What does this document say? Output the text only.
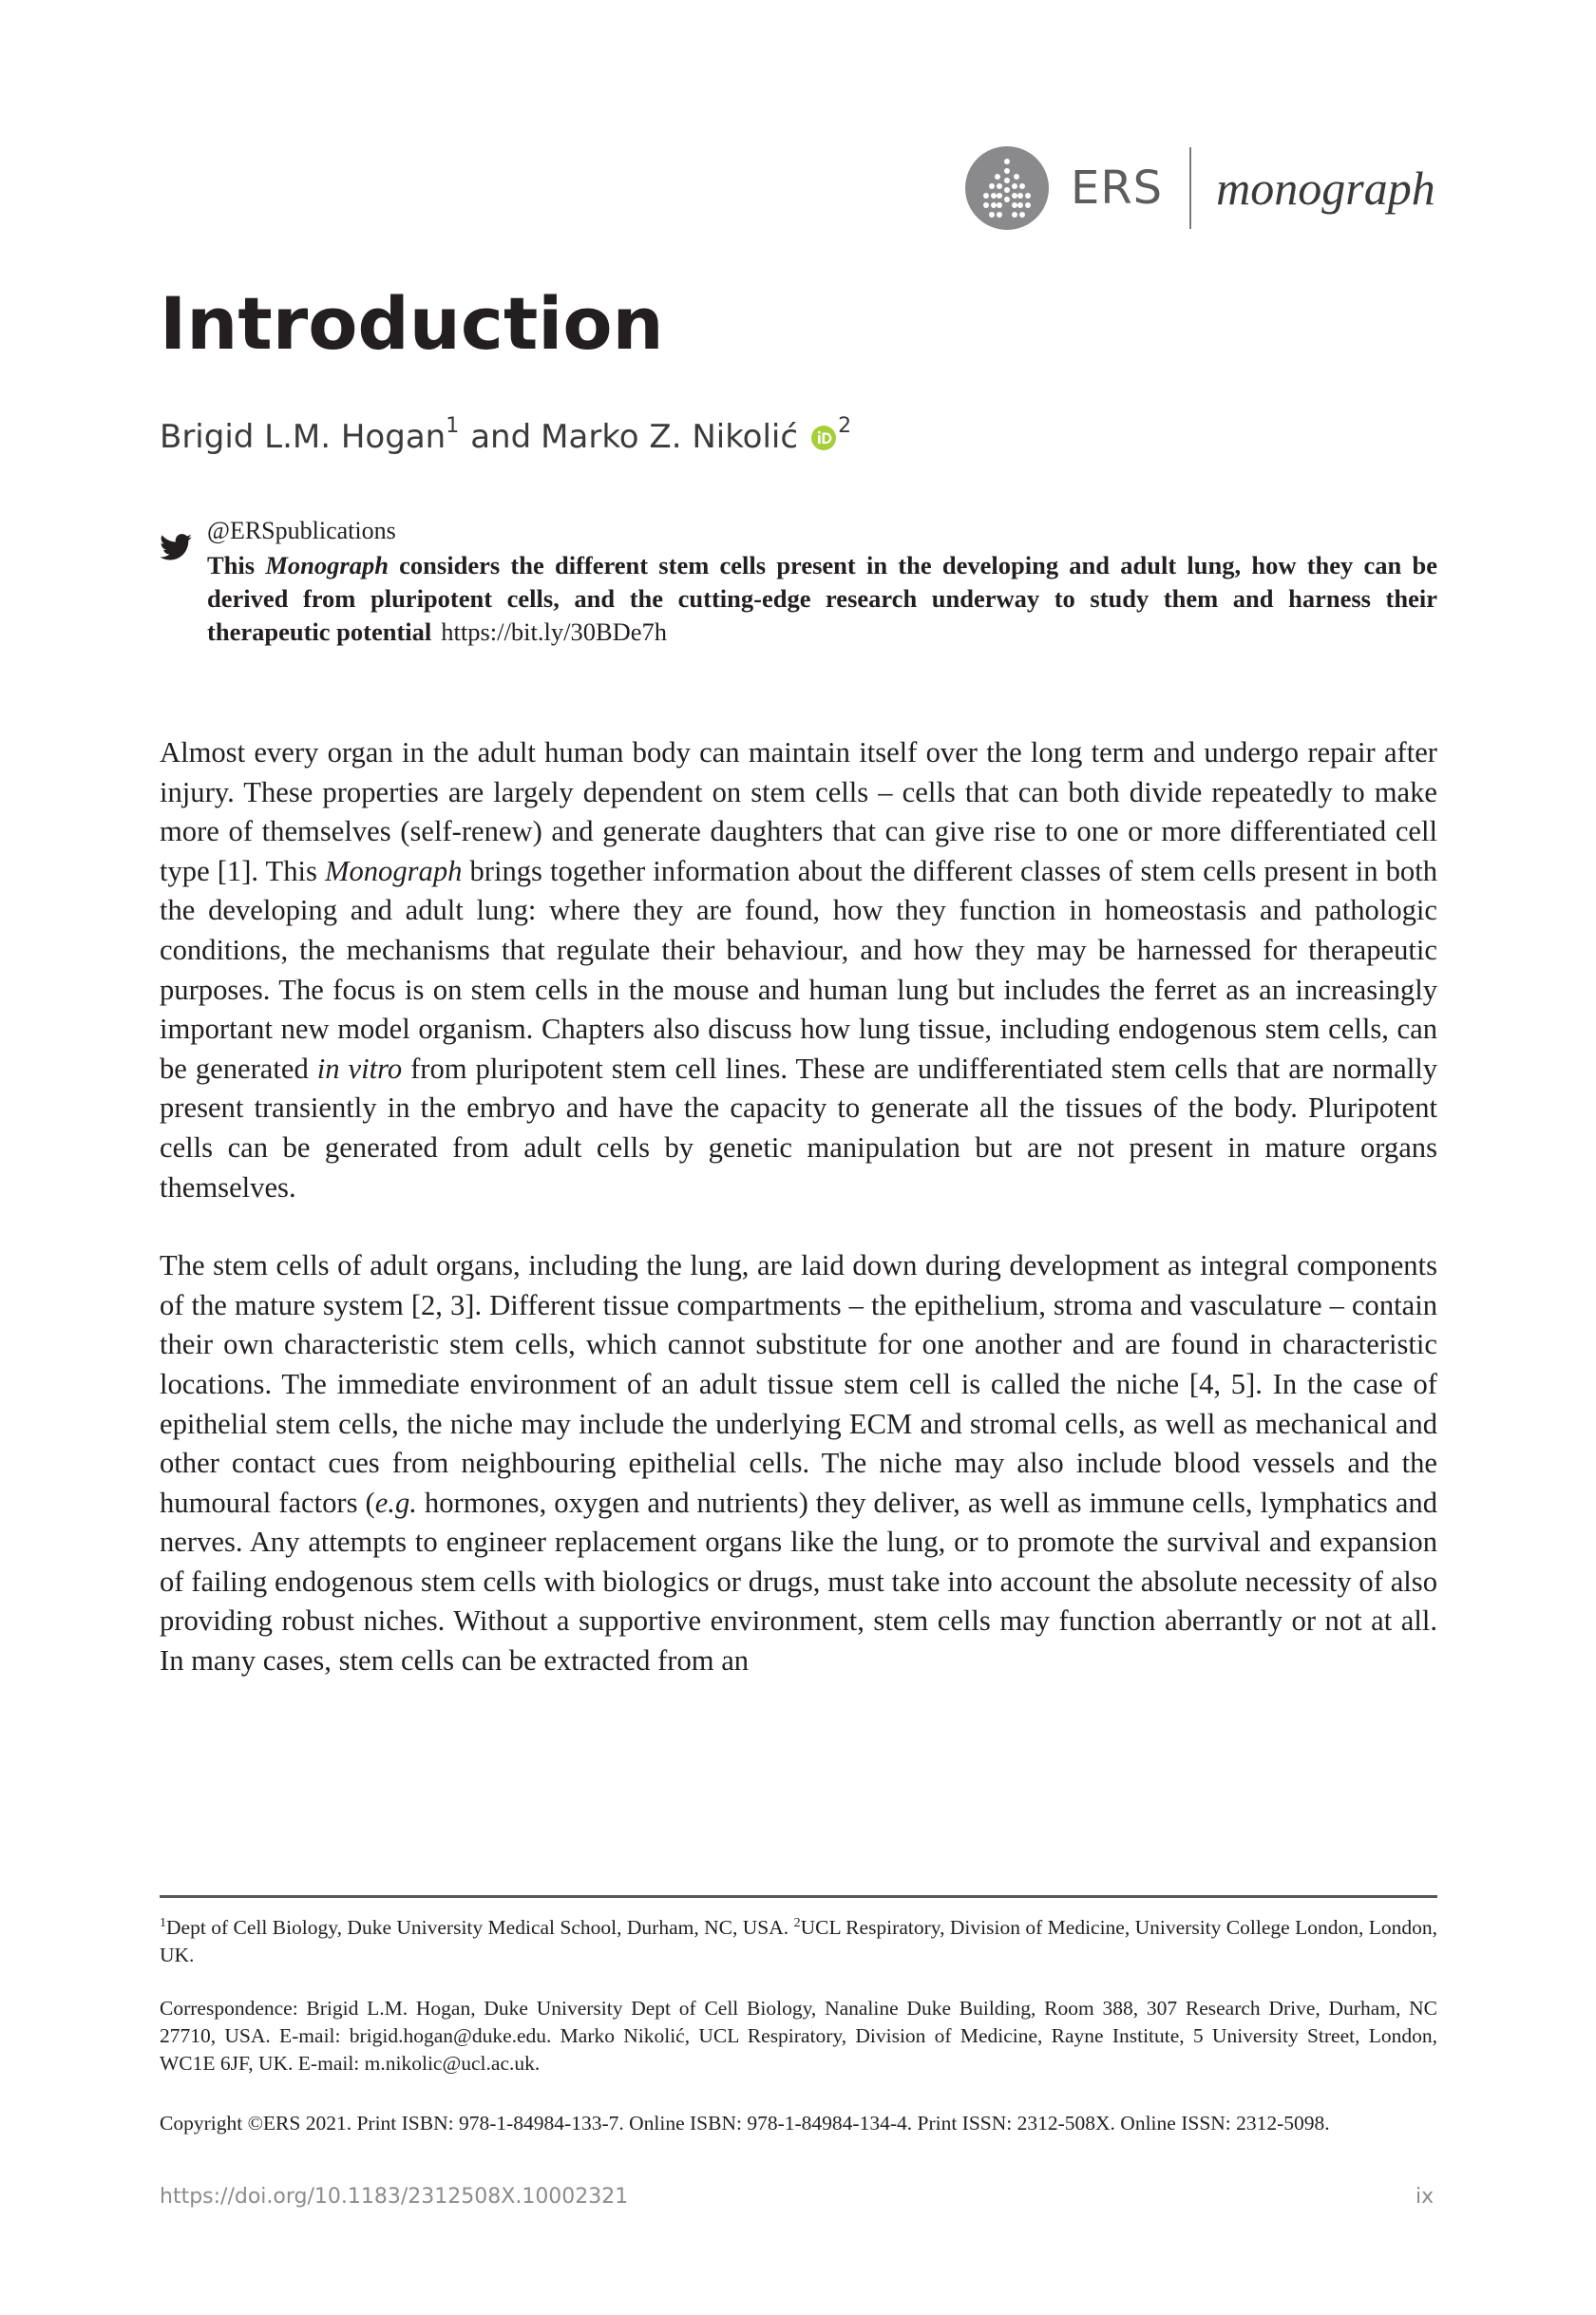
ERS monograph
Introduction
Brigid L.M. Hogan$^1$ and Marko Z. Nikolić $^2$
@ERSpublications
This Monograph considers the different stem cells present in the developing and adult lung, how they can be derived from pluripotent cells, and the cutting-edge research underway to study them and harness their therapeutic potential https://bit.ly/30BDe7h

Almost every organ in the adult human body can maintain itself over the long term and undergo repair after injury. These properties are largely dependent on stem cells – cells that can both divide repeatedly to make more of themselves (self-renew) and generate daughters that can give rise to one or more differentiated cell type [1]. This Monograph brings together information about the different classes of stem cells present in both the developing and adult lung: where they are found, how they function in homeostasis and pathologic conditions, the mechanisms that regulate their behaviour, and how they may be harnessed for therapeutic purposes. The focus is on stem cells in the mouse and human lung but includes the ferret as an increasingly important new model organism. Chapters also discuss how lung tissue, including endogenous stem cells, can be generated in vitro from pluripotent stem cell lines. These are undifferentiated stem cells that are normally present transiently in the embryo and have the capacity to generate all the tissues of the body. Pluripotent cells can be generated from adult cells by genetic manipulation but are not present in mature organs themselves.

The stem cells of adult organs, including the lung, are laid down during development as integral components of the mature system [2, 3]. Different tissue compartments – the epithelium, stroma and vasculature – contain their own characteristic stem cells, which cannot substitute for one another and are found in characteristic locations. The immediate environment of an adult tissue stem cell is called the niche [4, 5]. In the case of epithelial stem cells, the niche may include the underlying ECM and stromal cells, as well as mechanical and other contact cues from neighbouring epithelial cells. The niche may also include blood vessels and the humoural factors (e.g. hormones, oxygen and nutrients) they deliver, as well as immune cells, lymphatics and nerves. Any attempts to engineer replacement organs like the lung, or to promote the survival and expansion of failing endogenous stem cells with biologics or drugs, must take into account the absolute necessity of also providing robust niches. Without a supportive environment, stem cells may function aberrantly or not at all. In many cases, stem cells can be extracted from an

$^1$Dept of Cell Biology, Duke University Medical School, Durham, NC, USA. $^2$UCL Respiratory, Division of Medicine, University College London, London, UK.
Correspondence: Brigid L.M. Hogan, Duke University Dept of Cell Biology, Nanaline Duke Building, Room 388, 307 Research Drive, Durham, NC 27710, USA. E-mail: brigid.hogan@duke.edu. Marko Nikolić, UCL Respiratory, Division of Medicine, Rayne Institute, 5 University Street, London, WC1E 6JF, UK. E-mail: m.nikolic@ucl.ac.uk.
Copyright ©ERS 2021. Print ISBN: 978-1-84984-133-7. Online ISBN: 978-1-84984-134-4. Print ISSN: 2312-508X. Online ISSN: 2312-5098.
https://doi.org/10.1183/2312508X.10002321	ix
